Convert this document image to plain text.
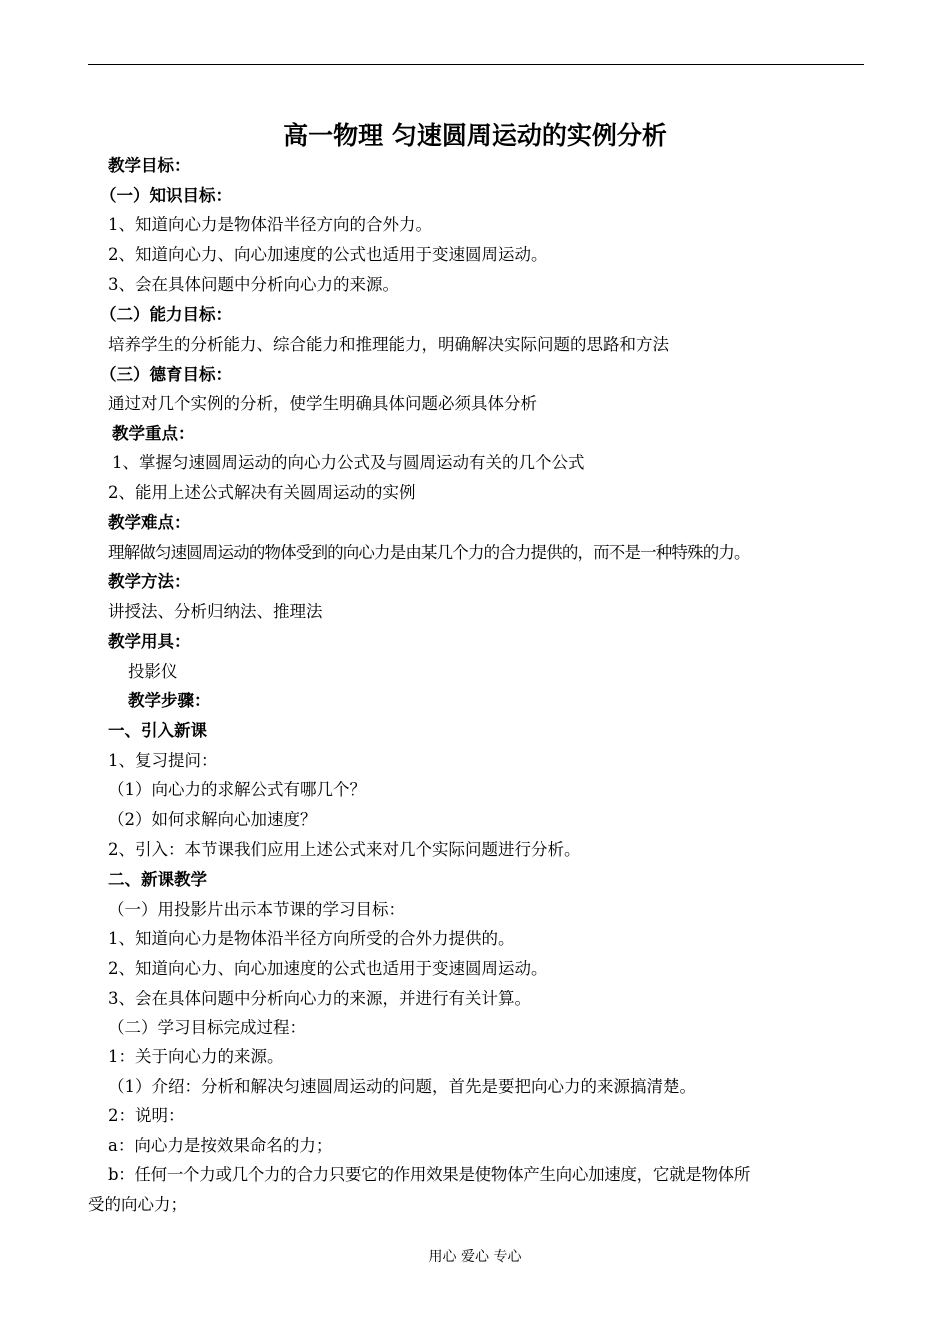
高一物理 匀速圆周运动的实例分析
教学目标：
（一）知识目标：
1、知道向心力是物体沿半径方向的合外力。
2、知道向心力、向心加速度的公式也适用于变速圆周运动。
3、会在具体问题中分析向心力的来源。
（二）能力目标：
培养学生的分析能力、综合能力和推理能力，明确解决实际问题的思路和方法
（三）德育目标：
通过对几个实例的分析，使学生明确具体问题必须具体分析
教学重点：
1、掌握匀速圆周运动的向心力公式及与圆周运动有关的几个公式
2、能用上述公式解决有关圆周运动的实例
教学难点：
理解做匀速圆周运动的物体受到的向心力是由某几个力的合力提供的，而不是一种特殊的力。
教学方法：
讲授法、分析归纳法、推理法
教学用具：
投影仪
教学步骤：
一、引入新课
1、复习提问：
（1）向心力的求解公式有哪几个？
（2）如何求解向心加速度？
2、引入：本节课我们应用上述公式来对几个实际问题进行分析。
二、新课教学
（一）用投影片出示本节课的学习目标：
1、知道向心力是物体沿半径方向所受的合外力提供的。
2、知道向心力、向心加速度的公式也适用于变速圆周运动。
3、会在具体问题中分析向心力的来源，并进行有关计算。
（二）学习目标完成过程：
1：关于向心力的来源。
（1）介绍：分析和解决匀速圆周运动的问题，首先是要把向心力的来源搞清楚。
2：说明：
a：向心力是按效果命名的力；
b：任何一个力或几个力的合力只要它的作用效果是使物体产生向心加速度，它就是物体所
受的向心力；
用心 爱心 专心
